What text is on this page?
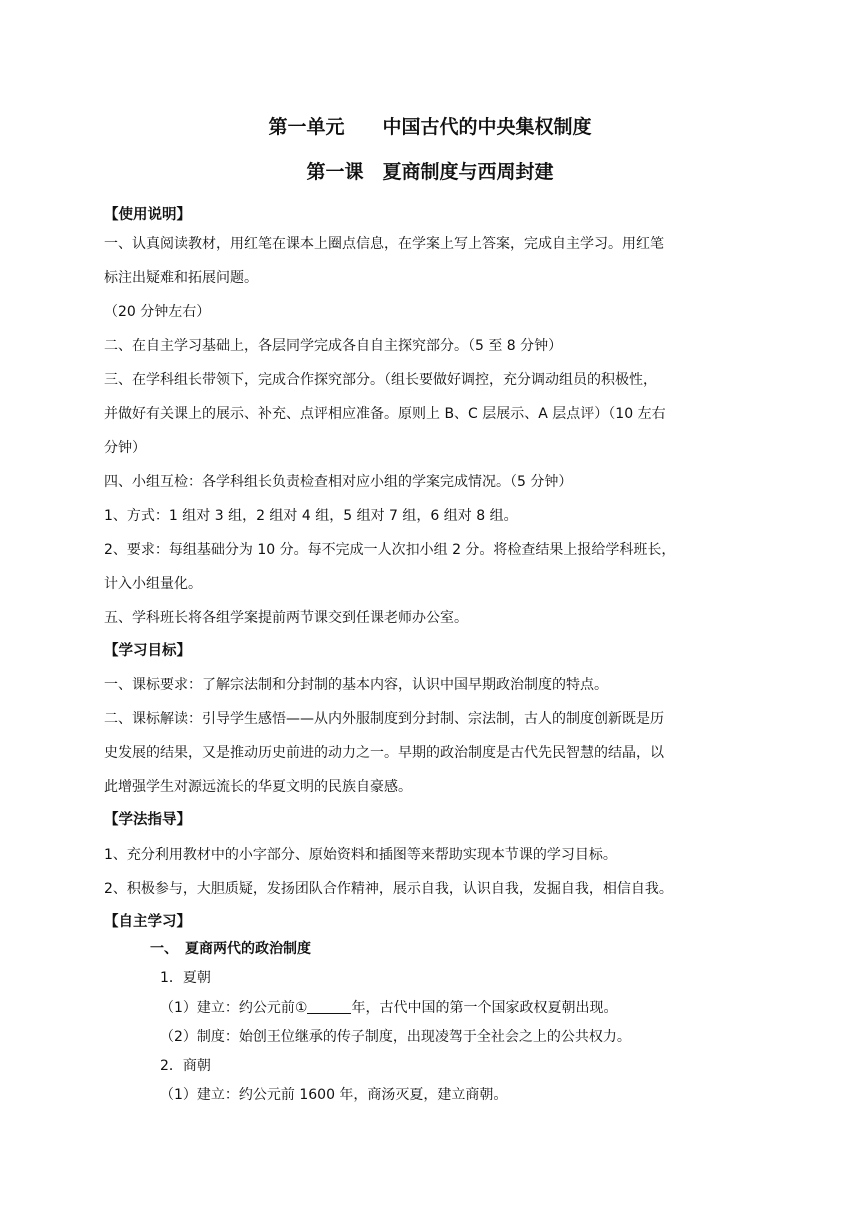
第一单元　　中国古代的中央集权制度
第一课　夏商制度与西周封建
【使用说明】
一、认真阅读教材，用红笔在课本上圈点信息，在学案上写上答案，完成自主学习。用红笔
标注出疑难和拓展问题。
（20 分钟左右）
二、在自主学习基础上，各层同学完成各自自主探究部分。（5 至 8 分钟）
三、在学科组长带领下，完成合作探究部分。（组长要做好调控，充分调动组员的积极性，
并做好有关课上的展示、补充、点评相应准备。原则上 B、C 层展示、A 层点评）（10 左右
分钟）
四、小组互检：各学科组长负责检查相对应小组的学案完成情况。（5 分钟）
1、方式：1 组对 3 组，2 组对 4 组，5 组对 7 组，6 组对 8 组。
2、要求：每组基础分为 10 分。每不完成一人次扣小组 2 分。将检查结果上报给学科班长，
计入小组量化。
五、学科班长将各组学案提前两节课交到任课老师办公室。
【学习目标】
一、课标要求：了解宗法制和分封制的基本内容，认识中国早期政治制度的特点。
二、课标解读：引导学生感悟——从内外服制度到分封制、宗法制，古人的制度创新既是历
史发展的结果，又是推动历史前进的动力之一。早期的政治制度是古代先民智慧的结晶，以
此增强学生对源远流长的华夏文明的民族自豪感。
【学法指导】
1、充分利用教材中的小字部分、原始资料和插图等来帮助实现本节课的学习目标。
2、积极参与，大胆质疑，发扬团队合作精神，展示自我，认识自我，发掘自我，相信自我。
【自主学习】
一、　夏商两代的政治制度
1．夏朝
（1）建立：约公元前①	年，古代中国的第一个国家政权夏朝出现。
（2）制度：始创王位继承的传子制度，出现凌驾于全社会之上的公共权力。
2．商朝
（1）建立：约公元前 1600 年，商汤灭夏，建立商朝。
